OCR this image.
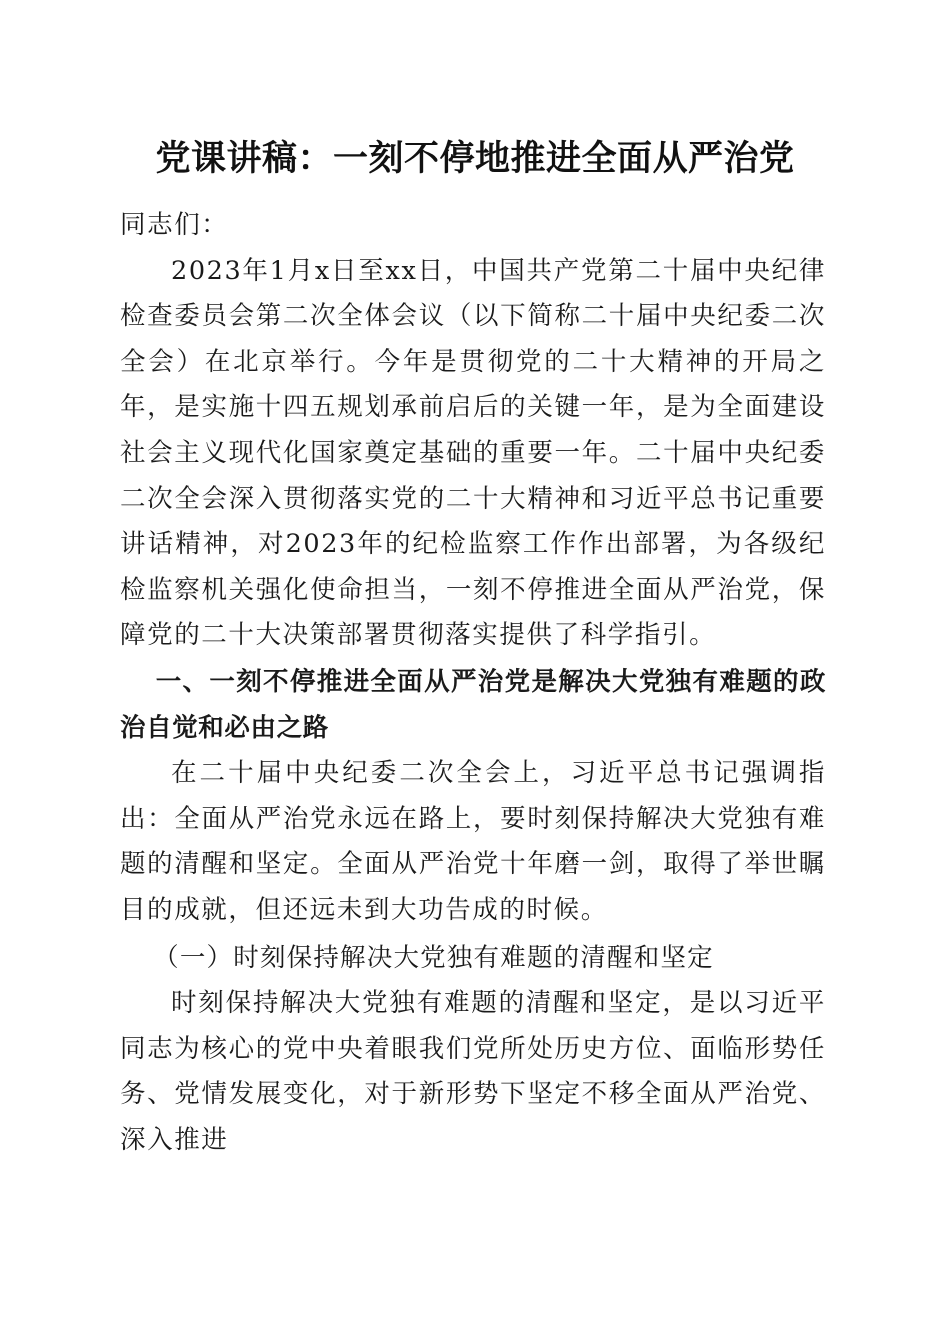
党课讲稿：一刻不停地推进全面从严治党

同志们：

2023年1月x日至xx日，中国共产党第二十届中央纪律检查委员会第二次全体会议（以下简称二十届中央纪委二次全会）在北京举行。今年是贯彻党的二十大精神的开局之年，是实施十四五规划承前启后的关键一年，是为全面建设社会主义现代化国家奠定基础的重要一年。二十届中央纪委二次全会深入贯彻落实党的二十大精神和习近平总书记重要讲话精神，对2023年的纪检监察工作作出部署，为各级纪检监察机关强化使命担当，一刻不停推进全面从严治党，保障党的二十大决策部署贯彻落实提供了科学指引。

一、一刻不停推进全面从严治党是解决大党独有难题的政治自觉和必由之路

在二十届中央纪委二次全会上，习近平总书记强调指出：全面从严治党永远在路上，要时刻保持解决大党独有难题的清醒和坚定。全面从严治党十年磨一剑，取得了举世瞩目的成就，但还远未到大功告成的时候。

（一）时刻保持解决大党独有难题的清醒和坚定

时刻保持解决大党独有难题的清醒和坚定，是以习近平同志为核心的党中央着眼我们党所处历史方位、面临形势任务、党情发展变化，对于新形势下坚定不移全面从严治党、深入推进
